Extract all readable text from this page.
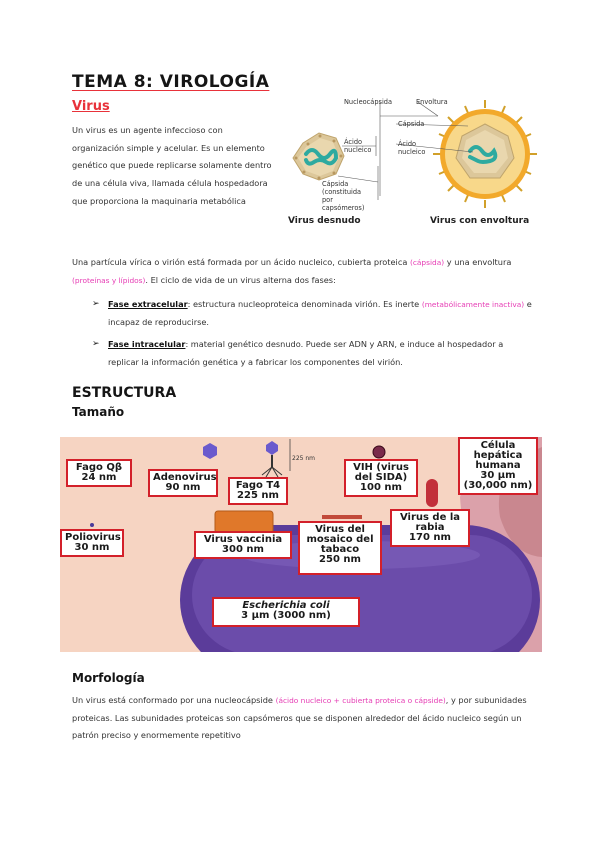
TEMA 8: VIROLOGÍA
Virus
Un virus es un agente infeccioso con organización simple y acelular. Es un elemento genético que puede replicarse solamente dentro de una célula viva, llamada célula hospedadora que proporciona la maquinaria metabólica
Nucleocápsida	Envoltura
Ácido
nucleico
Cápsida
(constituida
por
capsómeros)
Cápsida
Ácido
nucleico
Virus desnudo	Virus con envoltura
Una partícula vírica o virión está formada por un ácido nucleico, cubierta proteica (cápsida) y una envoltura (proteínas y lípidos). El ciclo de vida de un virus alterna dos fases:
➢ Fase extracelular: estructura nucleoproteica denominada virión. Es inerte (metabólicamente inactiva) e incapaz de reproducirse.
➢ Fase intracelular: material genético desnudo. Puede ser ADN y ARN, e induce al hospedador a replicar la información genética y a fabricar los componentes del virión.
ESTRUCTURA
Tamaño
225 nm
Fago Qβ
24 nm	Adenovirus
90 nm	Fago T4
225 nm
VIH (virus
del SIDA)
100 nm
Célula
hepática
humana
30 μm
(30,000 nm)
Poliovirus
30 nm
Virus vaccinia
300 nm
Virus del
mosaico del
tabaco
250 nm
Virus de la
rabia
170 nm
Escherichia coli
3 μm (3000 nm)
Morfología
Un virus está conformado por una nucleocápside (ácido nucleico + cubierta proteica o cápside), y por subunidades proteicas. Las subunidades proteicas son capsómeros que se disponen alrededor del ácido nucleico según un patrón preciso y enormemente repetitivo
